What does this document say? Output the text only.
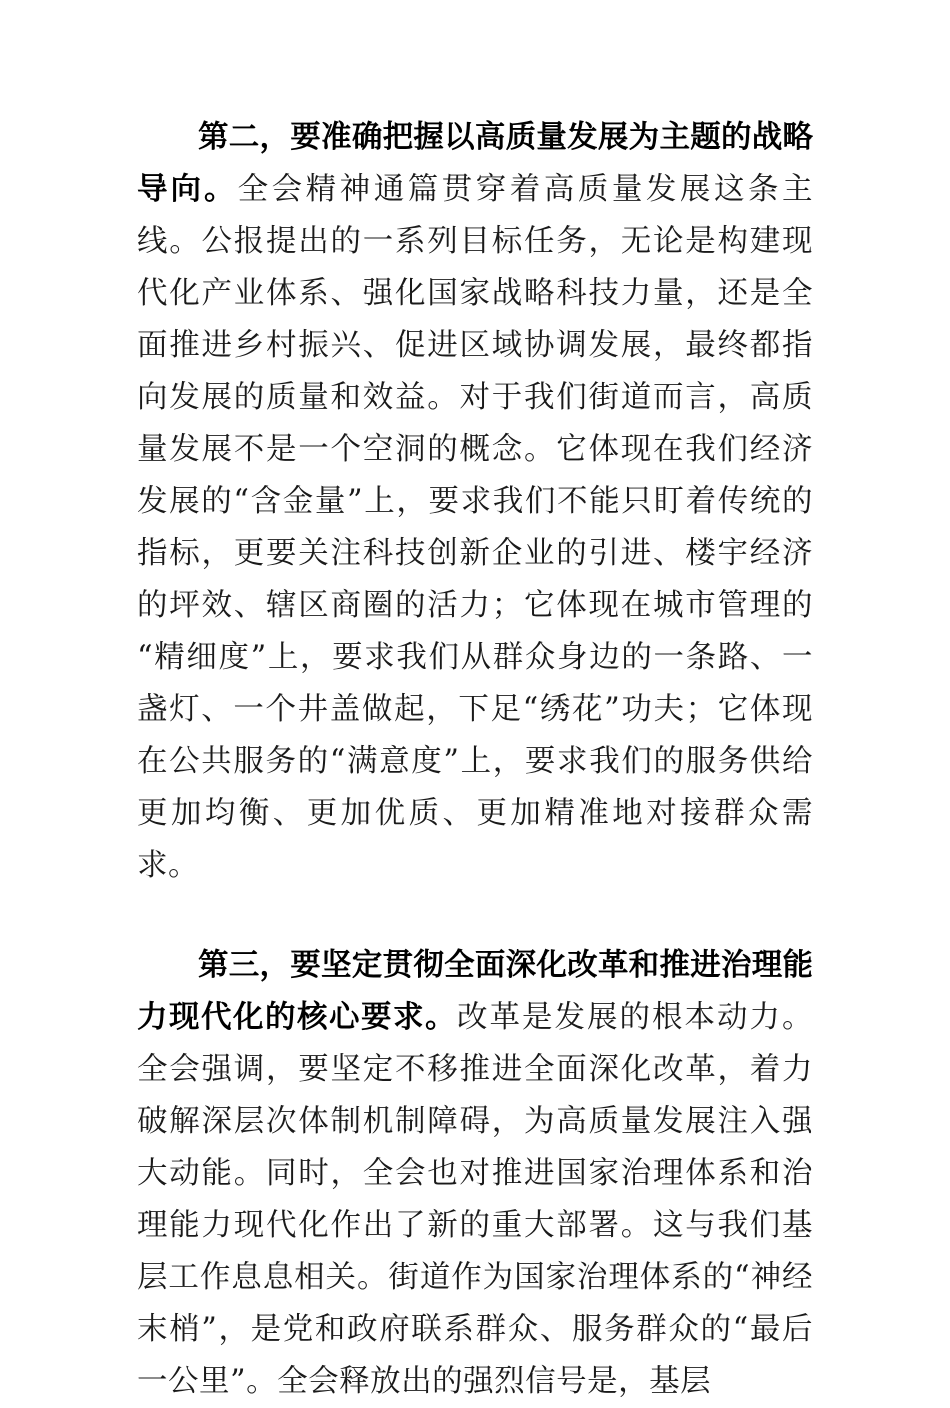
第二，要准确把握以高质量发展为主题的战略导向。全会精神通篇贯穿着高质量发展这条主线。公报提出的一系列目标任务，无论是构建现代化产业体系、强化国家战略科技力量，还是全面推进乡村振兴、促进区域协调发展，最终都指向发展的质量和效益。对于我们街道而言，高质量发展不是一个空洞的概念。它体现在我们经济发展的“含金量”上，要求我们不能只盯着传统的指标，更要关注科技创新企业的引进、楼宇经济的坪效、辖区商圈的活力；它体现在城市管理的“精细度”上，要求我们从群众身边的一条路、一盏灯、一个井盖做起，下足“绣花”功夫；它体现在公共服务的“满意度”上，要求我们的服务供给更加均衡、更加优质、更加精准地对接群众需求。

第三，要坚定贯彻全面深化改革和推进治理能力现代化的核心要求。改革是发展的根本动力。全会强调，要坚定不移推进全面深化改革，着力破解深层次体制机制障碍，为高质量发展注入强大动能。同时，全会也对推进国家治理体系和治理能力现代化作出了新的重大部署。这与我们基层工作息息相关。街道作为国家治理体系的“神经末梢”，是党和政府联系群众、服务群众的“最后一公里”。全会释放出的强烈信号是，基层
